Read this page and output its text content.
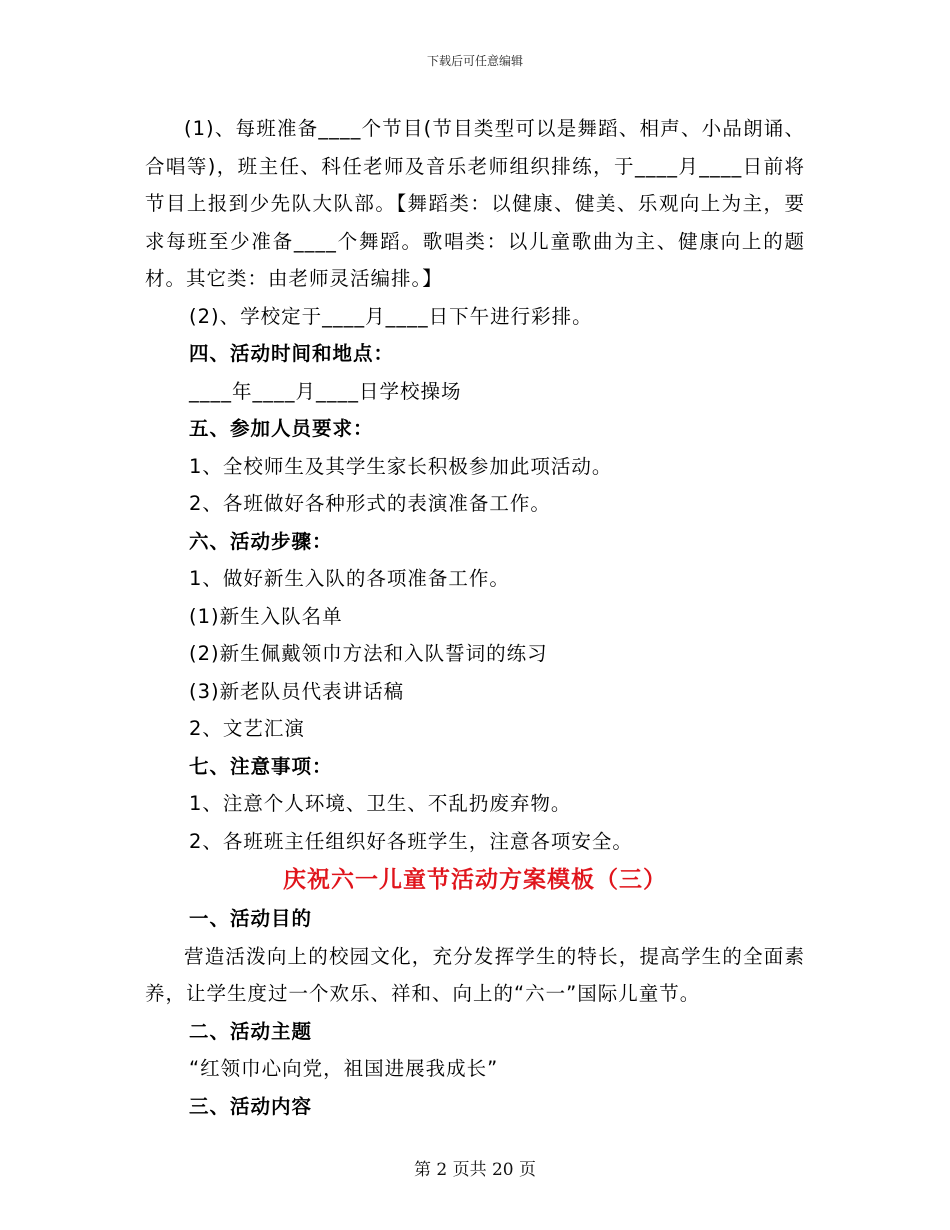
下载后可任意编辑

(1)、每班准备____个节目(节目类型可以是舞蹈、相声、小品朗诵、合唱等)，班主任、科任老师及音乐老师组织排练，于____月____日前将节目上报到少先队大队部。【舞蹈类：以健康、健美、乐观向上为主，要求每班至少准备____个舞蹈。歌唱类：以儿童歌曲为主、健康向上的题材。其它类：由老师灵活编排。】

(2)、学校定于____月____日下午进行彩排。

四、活动时间和地点：

____年____月____日学校操场

五、参加人员要求：

1、全校师生及其学生家长积极参加此项活动。

2、各班做好各种形式的表演准备工作。

六、活动步骤：

1、做好新生入队的各项准备工作。

(1)新生入队名单

(2)新生佩戴领巾方法和入队誓词的练习

(3)新老队员代表讲话稿

2、文艺汇演

七、注意事项：

1、注意个人环境、卫生、不乱扔废弃物。

2、各班班主任组织好各班学生，注意各项安全。

庆祝六一儿童节活动方案模板（三）

一、活动目的

营造活泼向上的校园文化，充分发挥学生的特长，提高学生的全面素养，让学生度过一个欢乐、祥和、向上的“六一”国际儿童节。

二、活动主题

“红领巾心向党，祖国进展我成长”

三、活动内容

第 2 页共 20 页
